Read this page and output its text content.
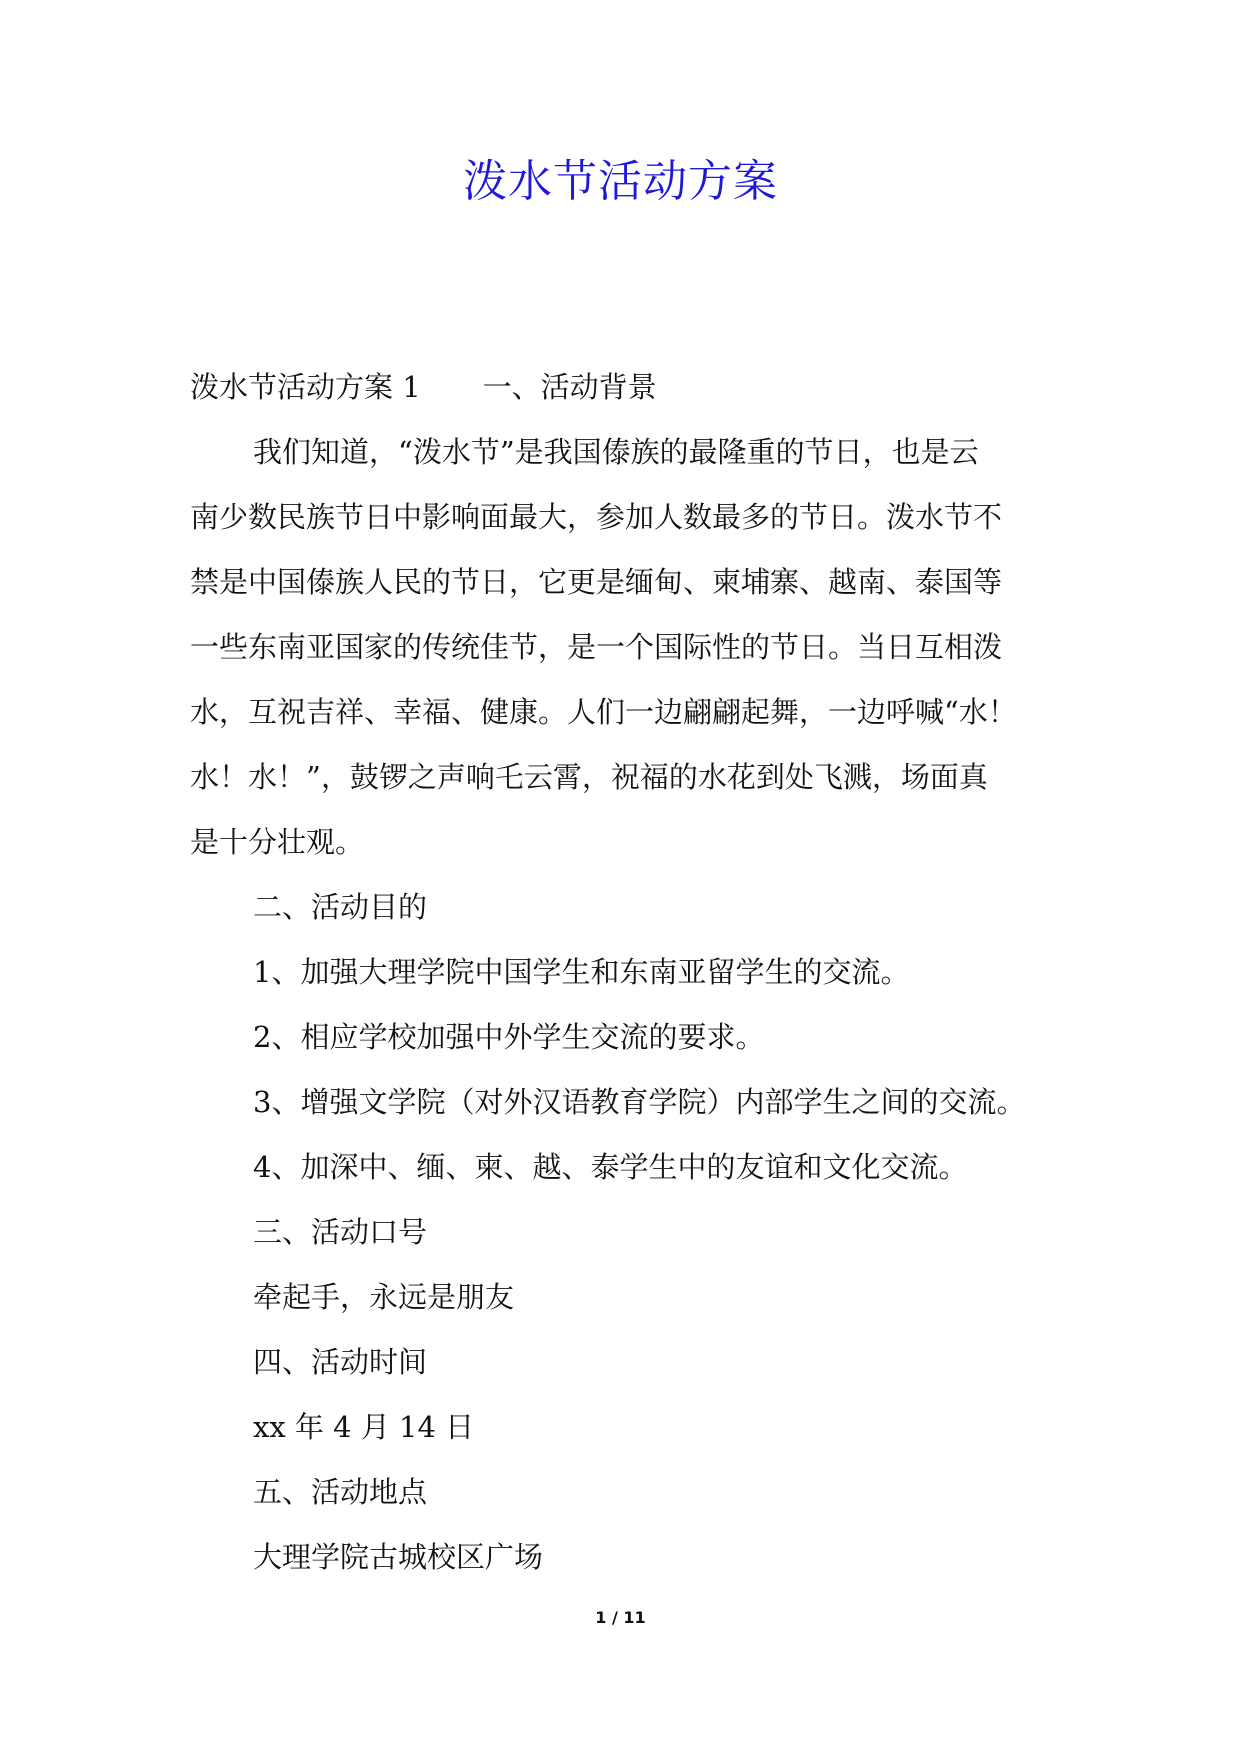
泼水节活动方案

泼水节活动方案 1 一、活动背景

我们知道，“泼水节”是我国傣族的最隆重的节日，也是云

南少数民族节日中影响面最大，参加人数最多的节日。泼水节不

禁是中国傣族人民的节日，它更是缅甸、柬埔寨、越南、泰国等

一些东南亚国家的传统佳节，是一个国际性的节日。当日互相泼

水，互祝吉祥、幸福、健康。人们一边翩翩起舞，一边呼喊“水！

水！水！”，鼓锣之声响乇云霄，祝福的水花到处飞溅，场面真

是十分壮观。

二、活动目的

1、加强大理学院中国学生和东南亚留学生的交流。

2、相应学校加强中外学生交流的要求。

3、增强文学院（对外汉语教育学院）内部学生之间的交流。

4、加深中、缅、柬、越、泰学生中的友谊和文化交流。

三、活动口号

牵起手，永远是朋友

四、活动时间

xx 年 4 月 14 日

五、活动地点

大理学院古城校区广场

1 / 11
